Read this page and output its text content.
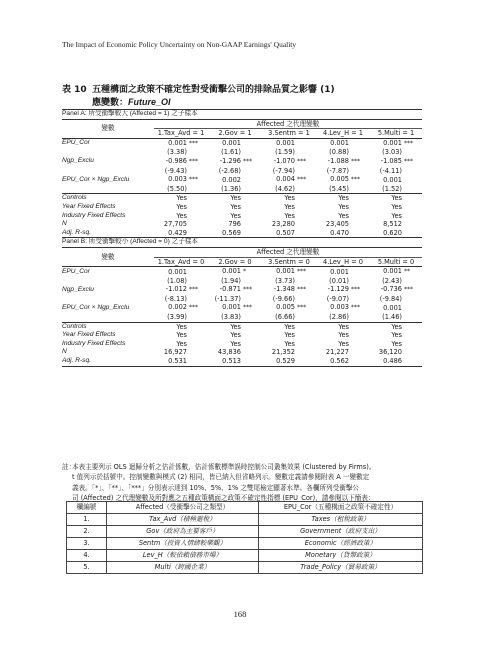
The Impact of Economic Policy Uncertainty on Non-GAAP Earnings' Quality
表 10 五種構面之政策不確定性對受衝擊公司的排除品質之影響 (1)
應變數：Future_OI
Panel A: 所受衝擊較大 (Affected = 1) 之子樣本					
變數	Affected 之代理變數				
	1.Tax_Avd = 1	2.Gov = 1	3.Sentm = 1	4.Lev_H = 1	5.Multi = 1
EPU_Cor	0.001 ***	0.001	0.001	0.001	0.001 ***
	(3.38)	(1.61)	(1.59)	(0.88)	(3.03)
Ngp_Exclu	-0.986 ***	-1.296 ***	-1.070 ***	-1.088 ***	-1.085 ***
	(-9.43)	(-2.68)	(-7.94)	(-7.87)	(-4.11)
EPU_Cor × Ngp_Exclu	0.003 ***	0.002	0.004 ***	0.005 ***	0.001
	(5.50)	(1.36)	(4.62)	(5.45)	(1.52)
Controls	Yes	Yes	Yes	Yes	Yes
Year Fixed Effects	Yes	Yes	Yes	Yes	Yes
Industry Fixed Effects	Yes	Yes	Yes	Yes	Yes
N	27,705	796	23,280	23,405	8,512
Adj. R-sq.	0.429	0.569	0.507	0.470	0.620
Panel B: 所受衝擊較小 (Affected = 0) 之子樣本					
變數	Affected 之代理變數				
	1.Tax_Avd = 0	2.Gov = 0	3.Sentm = 0	4.Lev_H = 0	5.Multi = 0
EPU_Cor	0.001	0.001 *	0.001 ***	0.001	0.001 **
	(1.08)	(1.94)	(3.73)	(0.01)	(2.43)
Ngp_Exclu	-1.012 ***	-0.871 ***	-1.348 ***	-1.129 ***	-0.736 ***
	(-8.13)	(-11.37)	(-9.66)	(-9.07)	(-9.84)
EPU_Cor × Ngp_Exclu	0.002 ***	0.001 ***	0.005 ***	0.003 ***	0.001
	(3.99)	(3.83)	(6.66)	(2.86)	(1.46)
Controls	Yes	Yes	Yes	Yes	Yes
Year Fixed Effects	Yes	Yes	Yes	Yes	Yes
Industry Fixed Effects	Yes	Yes	Yes	Yes	Yes
N	16,927	43,836	21,352	21,227	36,120
Adj. R-sq.	0.531	0.513	0.529	0.562	0.486
註：本表主要列示 OLS 迴歸分析之估計係數，估計係數標準誤時控制公司叢集效果 (Clustered by Firms)。
t 值列示於括號中。控制變數與模式 (2) 相同，皆已納入但省略列示。變數定義請參閱附表 A 一變數定
義表。「*」、「**」、「***」分別表示達到 10%、5%、1% 之雙尾檢定顯著水準。各欄所列受衝擊公
司 (Affected) 之代理變數及所對應之五種政策構面之政策不確定性指標 (EPU_Cor)，請參閱以下簡表：
欄編號	Affected（受衝擊公司之類型）	EPU_Cor（五種構面之政策不確定性）
1.	Tax_Avd（積極避稅）	Taxes（租稅政策）
2.	Gov（政府為主要客戶）	Government（政府支出）
3.	Sentm（投資人情緒較樂觀）	Economic（經濟政策）
4.	Lev_H（較依賴債務市場）	Monetary（貨幣政策）
5.	Multi（跨國企業）	Trade_Policy（貿易政策）
168
